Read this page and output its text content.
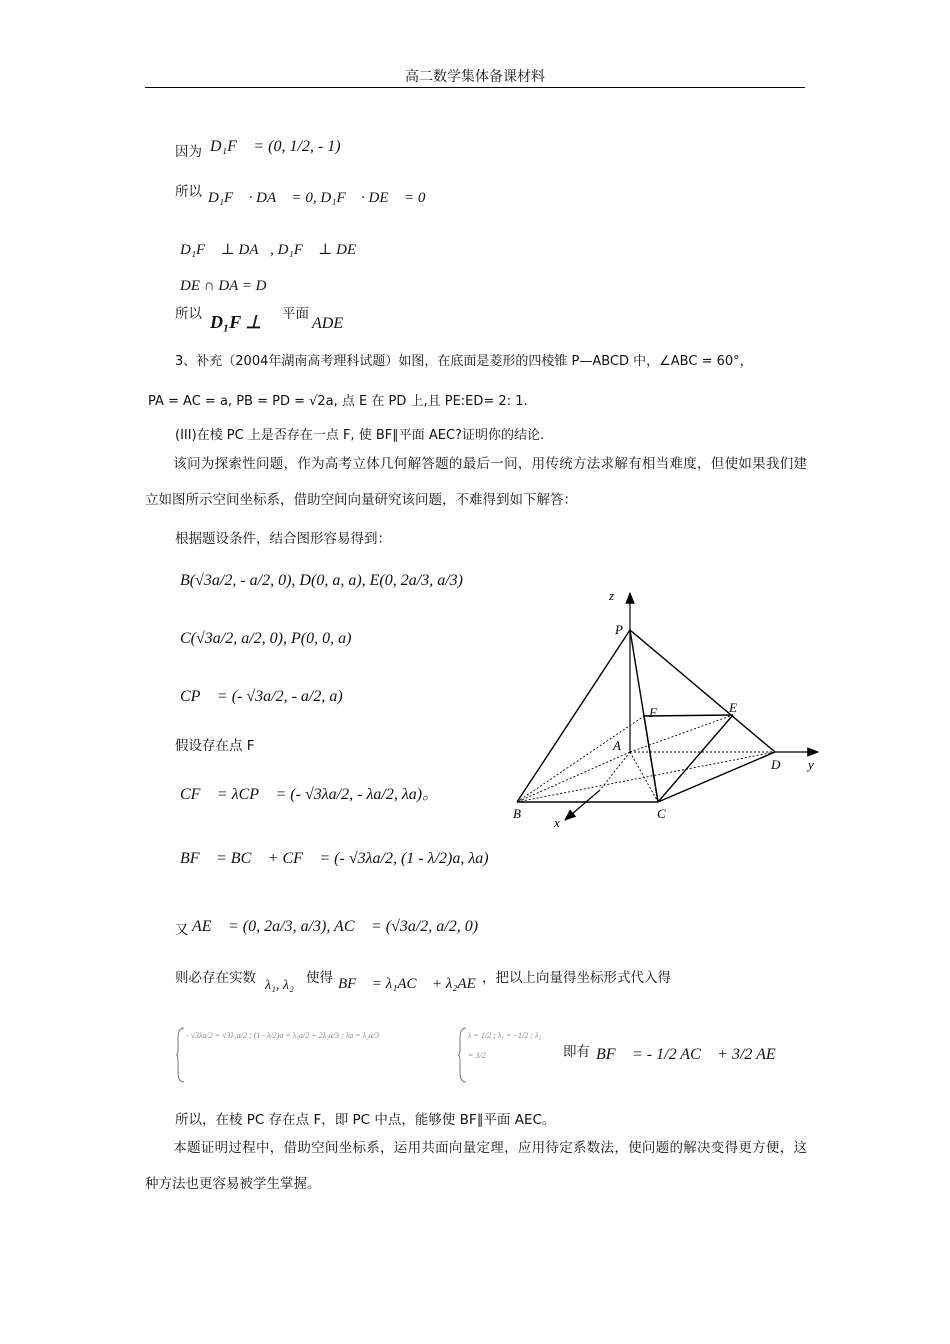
高二数学集体备课材料
因为 D₁F⃗ = (0, 1/2, - 1)
所以 D₁F⃗ · DA⃗ = 0, D₁F⃗ · DE⃗ = 0
D₁F⃗ ⊥ DA⃗, D₁F⃗ ⊥ DE⃗
DE ∩ DA = D
所以 D₁F ⊥ 平面
ADE
3、补充（2004年湖南高考理科试题）如图，在底面是菱形的四棱锥 P—ABCD 中，∠ABC = 60°，
PA = AC = a, PB = PD = √2a, 点 E 在 PD 上,且 PE:ED= 2: 1.
(III)在棱 PC 上是否存在一点 F, 使 BF∥平面 AEC?证明你的结论.
该问为探索性问题，作为高考立体几何解答题的最后一问，用传统方法求解有相当难度，但使如果我们建立如图所示空间坐标系，借助空间向量研究该问题，不难得到如下解答：
根据题设条件，结合图形容易得到：
B(√3a/2, - a/2, 0), D(0, a, a), E(0, 2a/3, a/3)
C(√3a/2, a/2, 0), P(0, 0, a)
CP⃗ = (- √3a/2, - a/2, a)
假设存在点 F
CF⃗ = λCP⃗ = (- √3λa/2, - λa/2, λa)。
BF⃗ = BC⃗ + CF⃗ = (- √3λa/2, (1 - λ/2)a, λa)
又 AE⃗ = (0, 2a/3, a/3), AC⃗ = (√3a/2, a/2, 0)
则必存在实数 λ₁, λ₂ 使得 BF⃗ = λ₁AC⃗ + λ₂AE⃗
，把以上向量得坐标形式代入得
- √3λa/2 = √3λ₁a/2 ; (1 - λ/2)a = λ₁a/2 + 2λ₂a/3 ; λa = λ₂a/3	λ = 1/2 ; λ₁ = - 1/2 ; λ₂ = 3/2	即有 BF⃗ = - 1/2 AC⃗ + 3/2 AE⃗
所以，在棱 PC 存在点 F，即 PC 中点，能够使 BF∥平面 AEC。
本题证明过程中，借助空间坐标系，运用共面向量定理，应用待定系数法，使问题的解决变得更方便，这种方法也更容易被学生掌握。
z
P
E
F
A
D y
B	C
x
